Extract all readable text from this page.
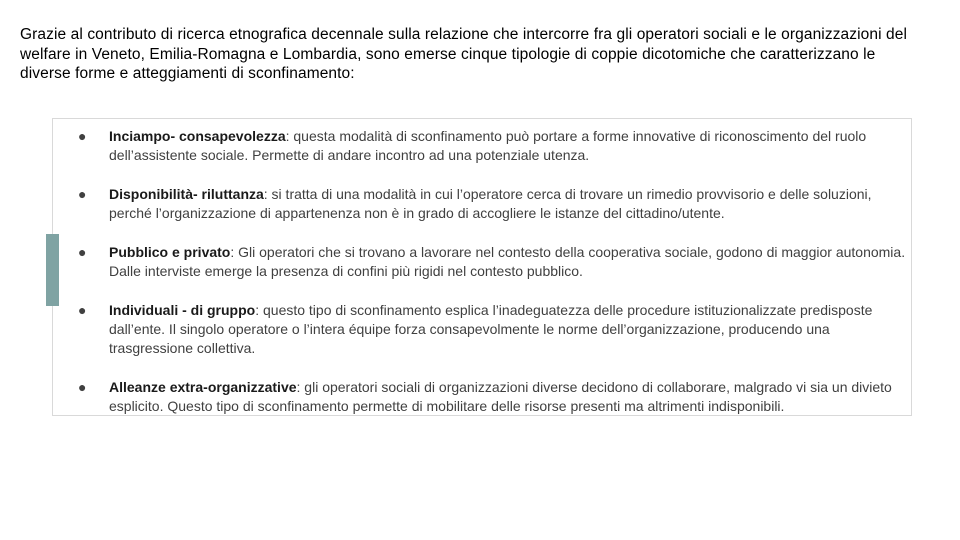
Grazie al contributo di ricerca etnografica decennale sulla relazione che intercorre fra gli operatori sociali e le organizzazioni del welfare in Veneto, Emilia-Romagna e Lombardia, sono emerse cinque tipologie di coppie dicotomiche che caratterizzano le diverse forme e atteggiamenti di sconfinamento:

● Inciampo- consapevolezza: questa modalità di sconfinamento può portare a forme innovative di riconoscimento del ruolo dell’assistente sociale. Permette di andare incontro ad una potenziale utenza.
● Disponibilità- riluttanza: si tratta di una modalità in cui l’operatore cerca di trovare un rimedio provvisorio e delle soluzioni, perché l’organizzazione di appartenenza non è in grado di accogliere le istanze del cittadino/utente.
● Pubblico e privato: Gli operatori che si trovano a lavorare nel contesto della cooperativa sociale, godono di maggior autonomia. Dalle interviste emerge la presenza di confini più rigidi nel contesto pubblico.
● Individuali - di gruppo: questo tipo di sconfinamento esplica l’inadeguatezza delle procedure istituzionalizzate predisposte dall’ente. Il singolo operatore o l’intera équipe forza consapevolmente le norme dell’organizzazione, producendo una trasgressione collettiva.
● Alleanze extra-organizzative: gli operatori sociali di organizzazioni diverse decidono di collaborare, malgrado vi sia un divieto esplicito. Questo tipo di sconfinamento permette di mobilitare delle risorse presenti ma altrimenti indisponibili.
